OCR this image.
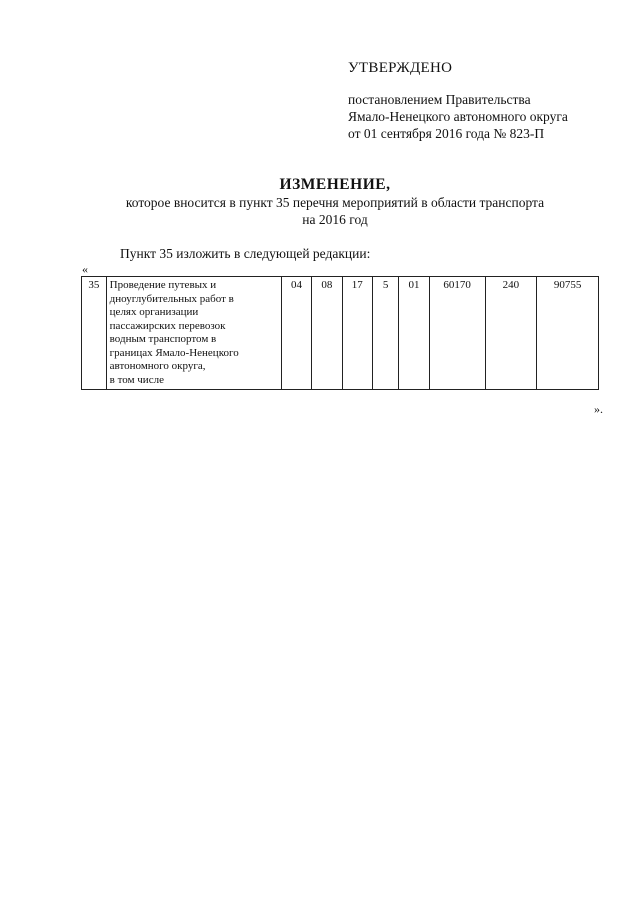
УТВЕРЖДЕНО
постановлением Правительства
Ямало-Ненецкого автономного округа
от 01 сентября 2016 года № 823-П
ИЗМЕНЕНИЕ,
которое вносится в пункт 35 перечня мероприятий в области транспорта
на 2016 год
Пункт 35 изложить в следующей редакции:
«
35	Проведение путевых и
дноуглубительных работ в
целях организации
пассажирских перевозок
водным транспортом в
границах Ямало-Ненецкого
автономного округа,
в том числе
	04	08	17	5	01	60170	240	90755
».
